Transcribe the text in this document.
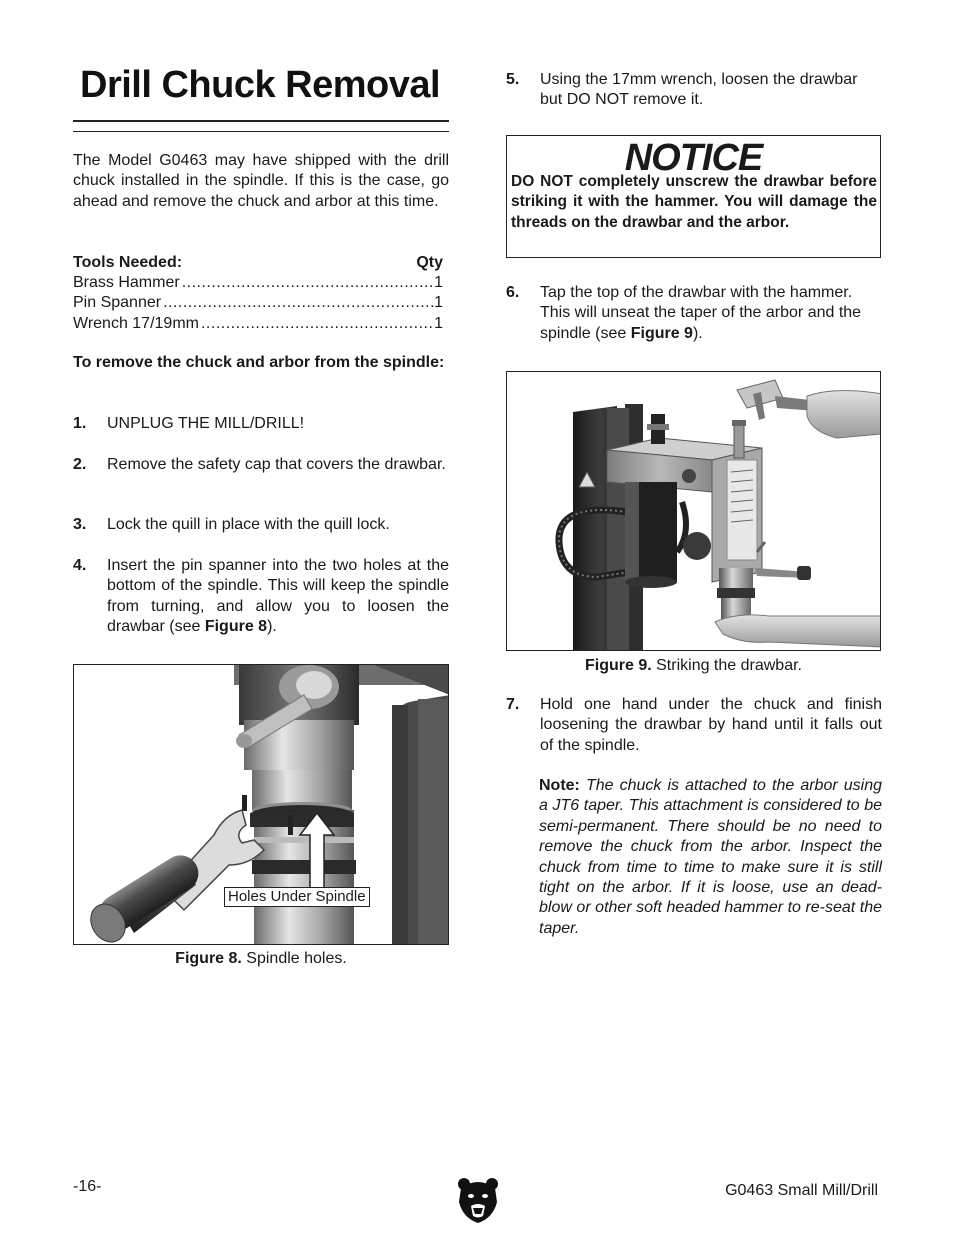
Drill Chuck Removal
The Model G0463 may have shipped with the drill chuck installed in the spindle. If this is the case, go ahead and remove the chuck and arbor at this time.
Tools Needed:	Qty
Brass Hammer .....	1
Pin Spanner .....	1
Wrench 17/19mm .....	1
To remove the chuck and arbor from the spindle:
1. UNPLUG THE MILL/DRILL!
2. Remove the safety cap that covers the drawbar.
3. Lock the quill in place with the quill lock.
4. Insert the pin spanner into the two holes at the bottom of the spindle. This will keep the spindle from turning, and allow you to loosen the drawbar (see Figure 8).
Holes Under Spindle
Figure 8. Spindle holes.
5. Using the 17mm wrench, loosen the drawbar but DO NOT remove it.
NOTICE
DO NOT completely unscrew the drawbar before striking it with the hammer. You will damage the threads on the drawbar and the arbor.
6. Tap the top of the drawbar with the hammer. This will unseat the taper of the arbor and the spindle (see Figure 9).
Figure 9. Striking the drawbar.
7. Hold one hand under the chuck and finish loosening the drawbar by hand until it falls out of the spindle.
Note: The chuck is attached to the arbor using a JT6 taper. This attachment is considered to be semi-permanent. There should be no need to remove the chuck from the arbor. Inspect the chuck from time to time to make sure it is still tight on the arbor. If it is loose, use an dead-blow or other soft headed hammer to re-seat the taper.
-16-	G0463 Small Mill/Drill
